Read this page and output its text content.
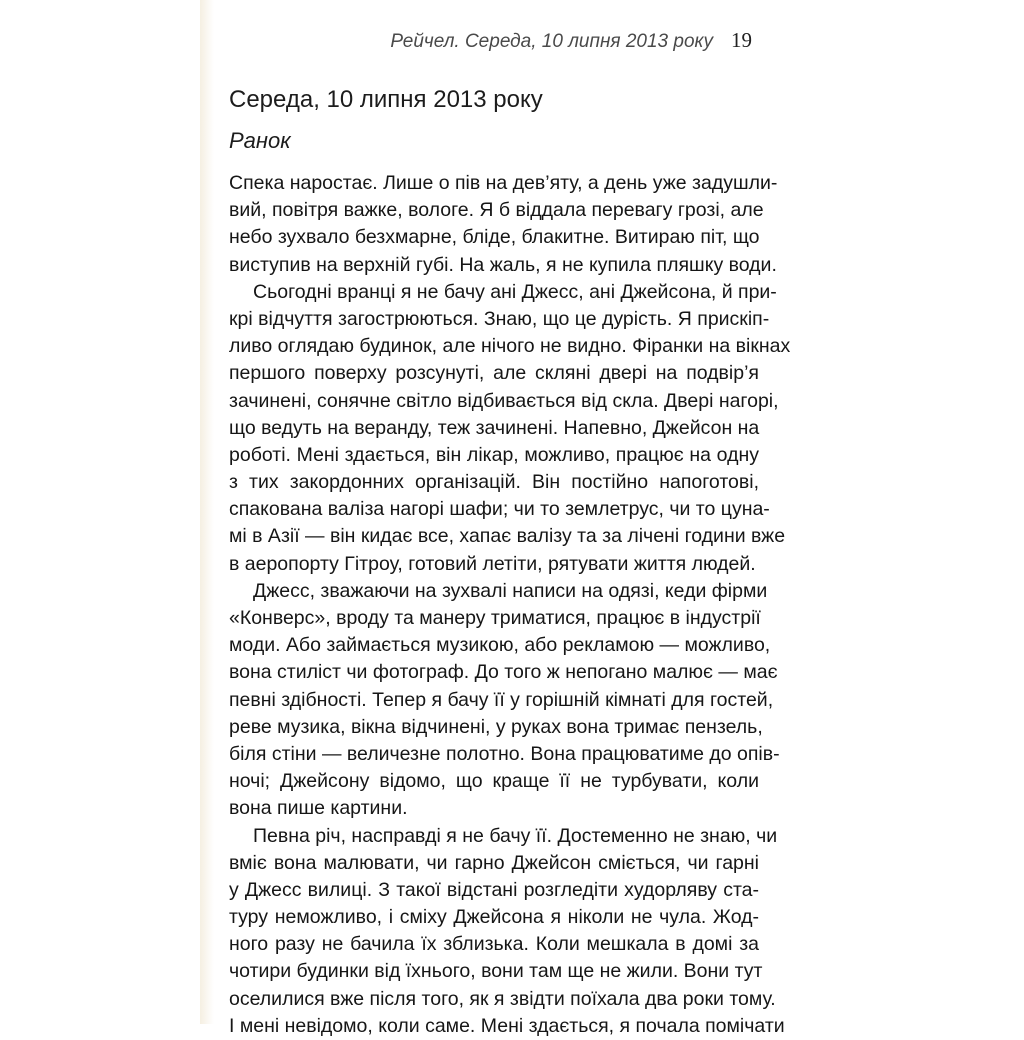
Рейчел. Середа, 10 липня 2013 року 19
Середа, 10 липня 2013 року
Ранок
Спека наростає. Лише о пів на дев’яту, а день уже задушли-
вий, повітря важке, вологе. Я б віддала перевагу грозі, але
небо зухвало безхмарне, бліде, блакитне. Витираю піт, що
виступив на верхній губі. На жаль, я не купила пляшку води.
Сьогодні вранці я не бачу ані Джесс, ані Джейсона, й при-
крі відчуття загострюються. Знаю, що це дурість. Я прискіп-
ливо оглядаю будинок, але нічого не видно. Фіранки на вікнах
першого поверху розсунуті, але скляні двері на подвір’я
зачинені, сонячне світло відбивається від скла. Двері нагорі,
що ведуть на веранду, теж зачинені. Напевно, Джейсон на
роботі. Мені здається, він лікар, можливо, працює на одну
з тих закордонних організацій. Він постійно напоготові,
спакована валіза нагорі шафи; чи то землетрус, чи то цуна-
мі в Азії — він кидає все, хапає валізу та за лічені години вже
в аеропорту Гітроу, готовий летіти, рятувати життя людей.
Джесс, зважаючи на зухвалі написи на одязі, кеди фірми
«Конверс», вроду та манеру триматися, працює в індустрії
моди. Або займається музикою, або рекламою — можливо,
вона стиліст чи фотограф. До того ж непогано малює — має
певні здібності. Тепер я бачу її у горішній кімнаті для гостей,
реве музика, вікна відчинені, у руках вона тримає пензель,
біля стіни — величезне полотно. Вона працюватиме до опів-
ночі; Джейсону відомо, що краще її не турбувати, коли
вона пише картини.
Певна річ, насправді я не бачу її. Достеменно не знаю, чи
вміє вона малювати, чи гарно Джейсон сміється, чи гарні
у Джесс вилиці. З такої відстані розгледіти худорляву ста-
туру неможливо, і сміху Джейсона я ніколи не чула. Жод-
ного разу не бачила їх зблизька. Коли мешкала в домі за
чотири будинки від їхнього, вони там ще не жили. Вони тут
оселилися вже після того, як я звідти поїхала два роки тому.
І мені невідомо, коли саме. Мені здається, я почала помічати
